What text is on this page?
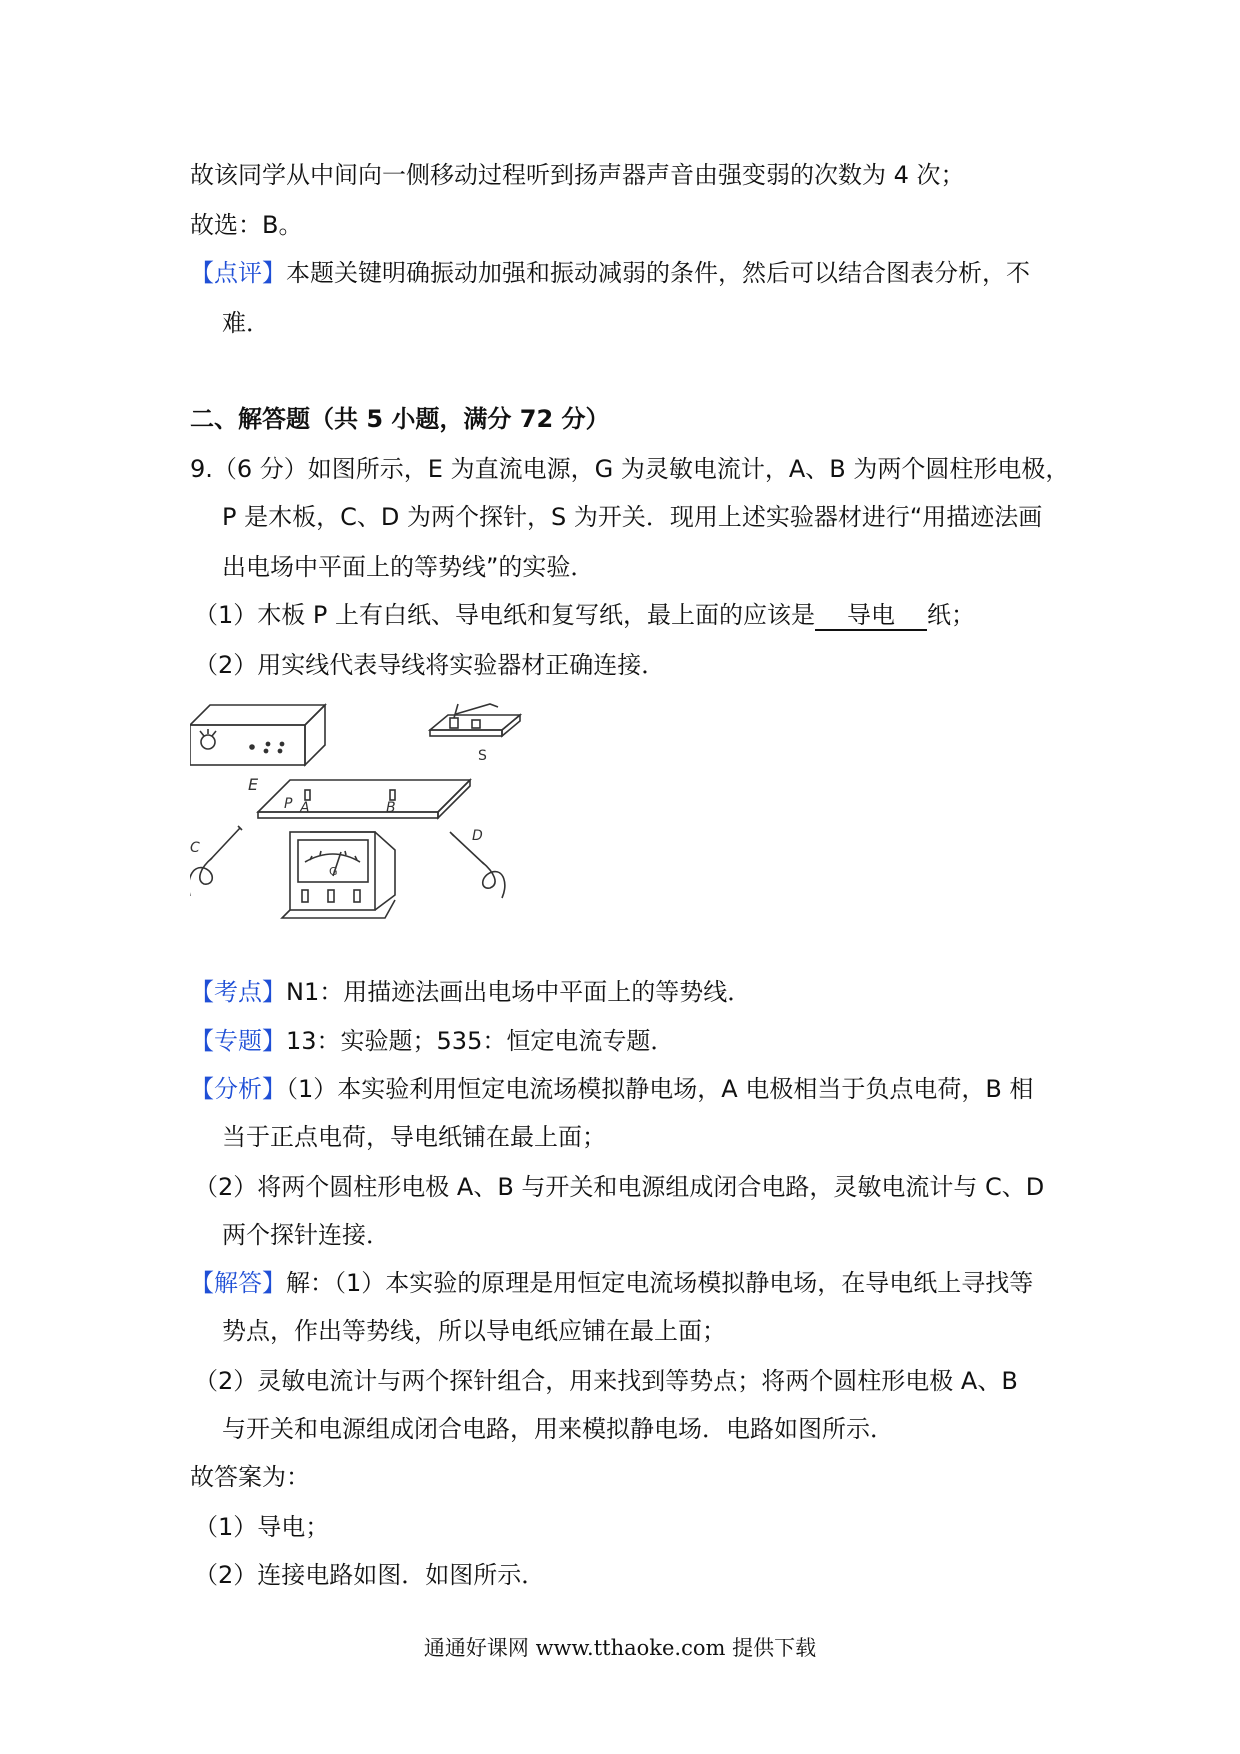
故该同学从中间向一侧移动过程听到扬声器声音由强变弱的次数为 4 次；
故选：B。
【点评】本题关键明确振动加强和振动减弱的条件，然后可以结合图表分析，不
难．
二、解答题（共 5 小题，满分 72 分）
9.（6 分）如图所示，E 为直流电源，G 为灵敏电流计，A、B 为两个圆柱形电极，
P 是木板，C、D 为两个探针，S 为开关．现用上述实验器材进行“用描迹法画
出电场中平面上的等势线”的实验．
（1）木板 P 上有白纸、导电纸和复写纸，最上面的应该是 导电 纸；
（2）用实线代表导线将实验器材正确连接．
E
S
P A	B
C
D
G
【考点】N1：用描迹法画出电场中平面上的等势线．
【专题】13：实验题；535：恒定电流专题．
【分析】（1）本实验利用恒定电流场模拟静电场，A 电极相当于负点电荷，B 相
当于正点电荷，导电纸铺在最上面；
（2）将两个圆柱形电极 A、B 与开关和电源组成闭合电路，灵敏电流计与 C、D
两个探针连接．
【解答】解：（1）本实验的原理是用恒定电流场模拟静电场，在导电纸上寻找等
势点，作出等势线，所以导电纸应铺在最上面；
（2）灵敏电流计与两个探针组合，用来找到等势点；将两个圆柱形电极 A、B
与开关和电源组成闭合电路，用来模拟静电场．电路如图所示．
故答案为：
（1）导电；
（2）连接电路如图．如图所示．
通通好课网 www.tthaoke.com 提供下载
